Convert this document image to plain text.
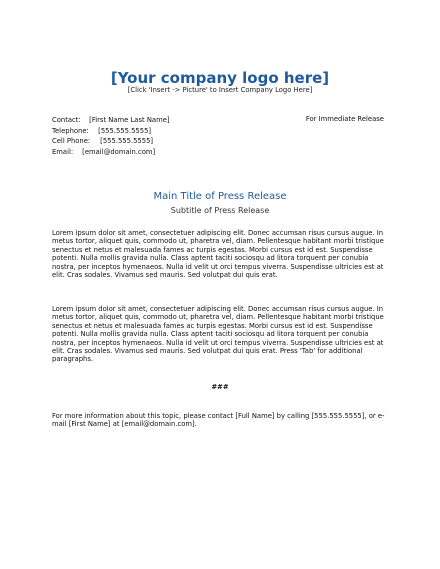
[Your company logo here]
[Click 'Insert -> Picture' to Insert Company Logo Here]
Contact: [First Name Last Name]
Telephone: [555.555.5555]
Cell Phone: [555.555.5555]
Email: [email@domain.com]
For Immediate Release
Main Title of Press Release
Subtitle of Press Release
Lorem ipsum dolor sit amet, consectetuer adipiscing elit. Donec accumsan risus cursus augue. In metus tortor, aliquet quis, commodo ut, pharetra vel, diam. Pellentesque habitant morbi tristique senectus et netus et malesuada fames ac turpis egestas. Morbi cursus est id est. Suspendisse potenti. Nulla mollis gravida nulla. Class aptent taciti sociosqu ad litora torquent per conubia nostra, per inceptos hymenaeos. Nulla id velit ut orci tempus viverra. Suspendisse ultricies est at elit. Cras sodales. Vivamus sed mauris. Sed volutpat dui quis erat.
Lorem ipsum dolor sit amet, consectetuer adipiscing elit. Donec accumsan risus cursus augue. In metus tortor, aliquet quis, commodo ut, pharetra vel, diam. Pellentesque habitant morbi tristique senectus et netus et malesuada fames ac turpis egestas. Morbi cursus est id est. Suspendisse potenti. Nulla mollis gravida nulla. Class aptent taciti sociosqu ad litora torquent per conubia nostra, per inceptos hymenaeos. Nulla id velit ut orci tempus viverra. Suspendisse ultricies est at elit. Cras sodales. Vivamus sed mauris. Sed volutpat dui quis erat. Press 'Tab' for additional paragraphs.
###
For more information about this topic, please contact [Full Name] by calling [555.555.5555], or e-mail [First Name] at [email@domain.com].
